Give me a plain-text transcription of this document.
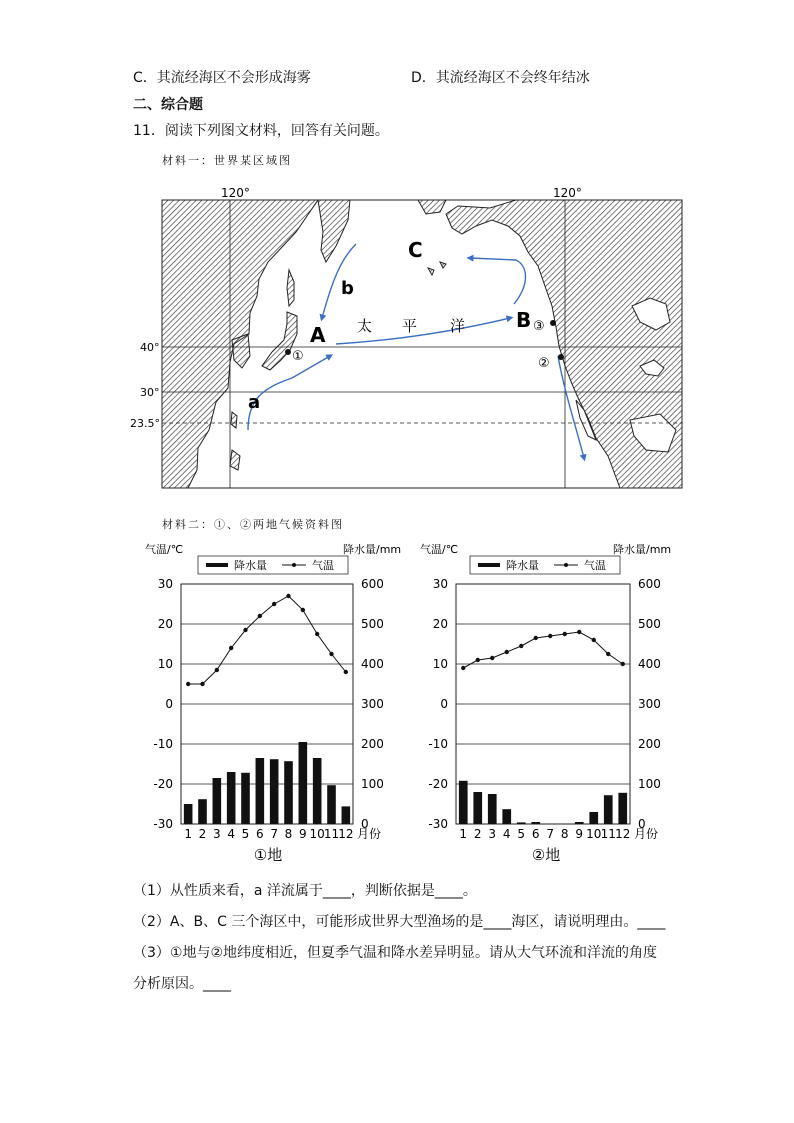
C．其流经海区不会形成海雾	D．其流经海区不会终年结冰
二、综合题
11．阅读下列图文材料，回答有关问题。
材料一：世界某区域图
120°	120°
40°
30°
23.5°
A
B
C
a
b
太 平 洋
①
③
②
材料二：①、②两地气候资料图
气温/℃	降水量/mm
降水量	气温
30
20
10
0
-10
-20
-30
600
500
400
300
200
100
0
1 2 3 4 5 6 7 8 9 10 11 12 月份
①地
气温/℃	降水量/mm
降水量	气温
30
20
10
0
-10
-20
-30
600
500
400
300
200
100
0
1 2 3 4 5 6 7 8 9 10 11 12 月份
②地
（1）从性质来看，a 洋流属于____，判断依据是____。
（2）A、B、C 三个海区中，可能形成世界大型渔场的是____海区，请说明理由。____
（3）①地与②地纬度相近，但夏季气温和降水差异明显。请从大气环流和洋流的角度
分析原因。____
